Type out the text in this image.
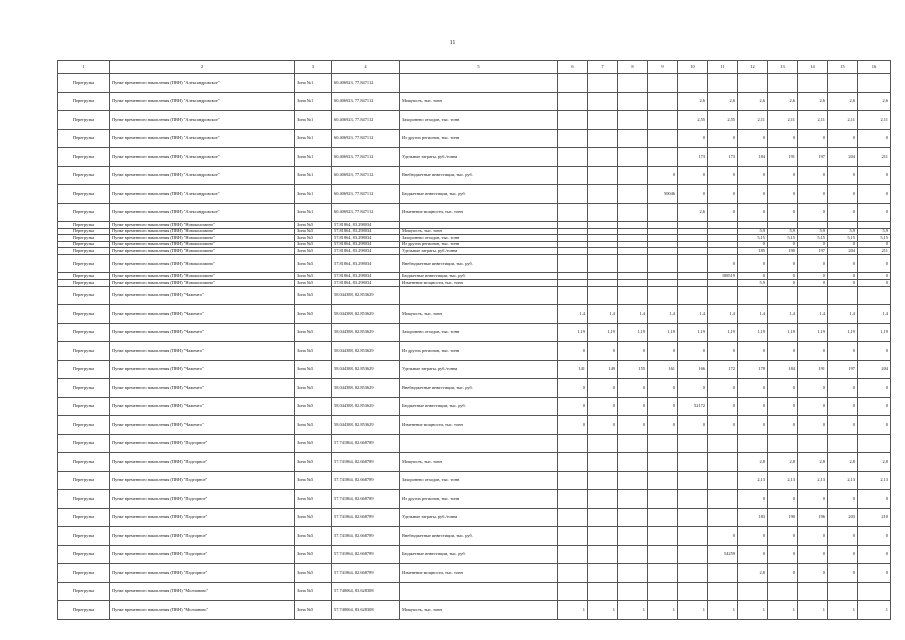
11
1	2	3	4	5	6	7	8	9	10	11	12	13	14	15	16
Перегрузка	Пункт временного накопления (ПВН) "Александровское"	Зона №1	60.406923, 77.847112												
Перегрузка	Пункт временного накопления (ПВН) "Александровское"	Зона №1	60.406923, 77.847112	Мощность, тыс. тонн					2,6	2,6	2,6	2,6	2,6	2,6	2,6
Перегрузка	Пункт временного накопления (ПВН) "Александровское"	Зона №1	60.406923, 77.847112	Захоронено отходов, тыс. тонн					2,55	2,55	2,11	2,11	2,11	2,11	2,11
Перегрузка	Пункт временного накопления (ПВН) "Александровское"	Зона №1	60.406923, 77.847112	Из других регионов, тыс. тонн					0	0	0	0	0	0	0
Перегрузка	Пункт временного накопления (ПВН) "Александровское"	Зона №1	60.406923, 77.847112	Удельные затраты, руб./тонна					173	173	184	191	197	204	211
Перегрузка	Пункт временного накопления (ПВН) "Александровское"	Зона №1	60.406923, 77.847112	Внебюджетные инвестиции, тыс. руб.				0	0	0	0	0	0	0	0
Перегрузка	Пункт временного накопления (ПВН) "Александровское"	Зона №1	60.406923, 77.847112	Бюджетные инвестиции, тыс. руб.				50046	0	0	0	0	0	0	0
Перегрузка	Пункт временного накопления (ПВН) "Александровское"	Зона №1	60.406923, 77.847112	Изменение мощности, тыс. тонн					2,6	0	0	0	0	0	0
Перегрузка	Пункт временного накопления (ПВН) "Новоколомино"	Зона №5	57.81864, 83.298034												
Перегрузка	Пункт временного накопления (ПВН) "Новоколомино"	Зона №5	57.81864, 83.298034	Мощность, тыс. тонн							5,9	5,9	5,9	5,9	5,9
Перегрузка	Пункт временного накопления (ПВН) "Новоколомино"	Зона №5	57.81864, 83.298034	Захоронено отходов, тыс. тонн							5,15	5,15	5,15	5,15	5,15
Перегрузка	Пункт временного накопления (ПВН) "Новоколомино"	Зона №5	57.81864, 83.298034	Из других регионов, тыс. тонн							0	0	0	0	0
Перегрузка	Пункт временного накопления (ПВН) "Новоколомино"	Зона №5	57.81864, 83.298034	Удельные затраты, руб./тонна							185	190	197	204	211
Перегрузка	Пункт временного накопления (ПВН) "Новоколомино"	Зона №5	57.81864, 83.298034	Внебюджетные инвестиции, тыс. руб.						0	0	0	0	0	0
Перегрузка	Пункт временного накопления (ПВН) "Новоколомино"	Зона №5	57.81864, 83.298034	Бюджетные инвестиции, тыс. руб.						108519	0	0	0	0	0
Перегрузка	Пункт временного накопления (ПВН) "Новоколомино"	Зона №5	57.81864, 83.298034	Изменение мощности, тыс. тонн							5,9	0	0	0	0
Перегрузка	Пункт временного накопления (ПВН) "Чажемто"	Зона №5	58.044388, 82.853629												
Перегрузка	Пункт временного накопления (ПВН) "Чажемто"	Зона №5	58.044388, 82.853629	Мощность, тыс. тонн	1,4	1,4	1,4	1,4	1,4	1,4	1,4	1,4	1,4	1,4	1,4
Перегрузка	Пункт временного накопления (ПВН) "Чажемто"	Зона №5	58.044388, 82.853629	Захоронено отходов, тыс. тонн	1,19	1,19	1,19	1,19	1,19	1,19	1,19	1,19	1,19	1,19	1,19
Перегрузка	Пункт временного накопления (ПВН) "Чажемто"	Зона №5	58.044388, 82.853629	Из других регионов, тыс. тонн	0	0	0	0	0	0	0	0	0	0	0
Перегрузка	Пункт временного накопления (ПВН) "Чажемто"	Зона №5	58.044388, 82.853629	Удельные затраты, руб./тонна	141	149	155	161	166	172	178	184	191	197	204
Перегрузка	Пункт временного накопления (ПВН) "Чажемто"	Зона №5	58.044388, 82.853629	Внебюджетные инвестиции, тыс. руб.	0	0	0	0	0	0	0	0	0	0	0
Перегрузка	Пункт временного накопления (ПВН) "Чажемто"	Зона №5	58.044388, 82.853629	Бюджетные инвестиции, тыс. руб.	0	0	0	0	52172	0	0	0	0	0	0
Перегрузка	Пункт временного накопления (ПВН) "Чажемто"	Зона №5	58.044388, 82.853629	Изменение мощности, тыс. тонн	0	0	0	0	0	0	0	0	0	0	0
Перегрузка	Пункт временного накопления (ПВН) "Подгорное"	Зона №5	57.741864, 82.668789												
Перегрузка	Пункт временного накопления (ПВН) "Подгорное"	Зона №5	57.741864, 82.668789	Мощность, тыс. тонн							2,8	2,8	2,8	2,8	2,8
Перегрузка	Пункт временного накопления (ПВН) "Подгорное"	Зона №5	57.741864, 82.668789	Захоронено отходов, тыс. тонн							2,13	2,13	2,13	2,13	2,13
Перегрузка	Пункт временного накопления (ПВН) "Подгорное"	Зона №5	57.741864, 82.668789	Из других регионов, тыс. тонн							0	0	0	0	0
Перегрузка	Пункт временного накопления (ПВН) "Подгорное"	Зона №5	57.741864, 82.668789	Удельные затраты, руб./тонна							183	190	196	203	210
Перегрузка	Пункт временного накопления (ПВН) "Подгорное"	Зона №5	57.741864, 82.668789	Внебюджетные инвестиции, тыс. руб.						0	0	0	0	0	0
Перегрузка	Пункт временного накопления (ПВН) "Подгорное"	Зона №5	57.741864, 82.668789	Бюджетные инвестиции, тыс. руб.						54259	0	0	0	0	0
Перегрузка	Пункт временного накопления (ПВН) "Подгорное"	Зона №5	57.741864, 82.668789	Изменение мощности, тыс. тонн							2,8	0	0	0	0
Перегрузка	Пункт временного накопления (ПВН) "Молчаново"	Зона №5	57.740064, 83.628308												
Перегрузка	Пункт временного накопления (ПВН) "Молчаново"	Зона №5	57.740064, 83.628308	Мощность, тыс. тонн	1	1	1	1	1	1	1	1	1	1	1
